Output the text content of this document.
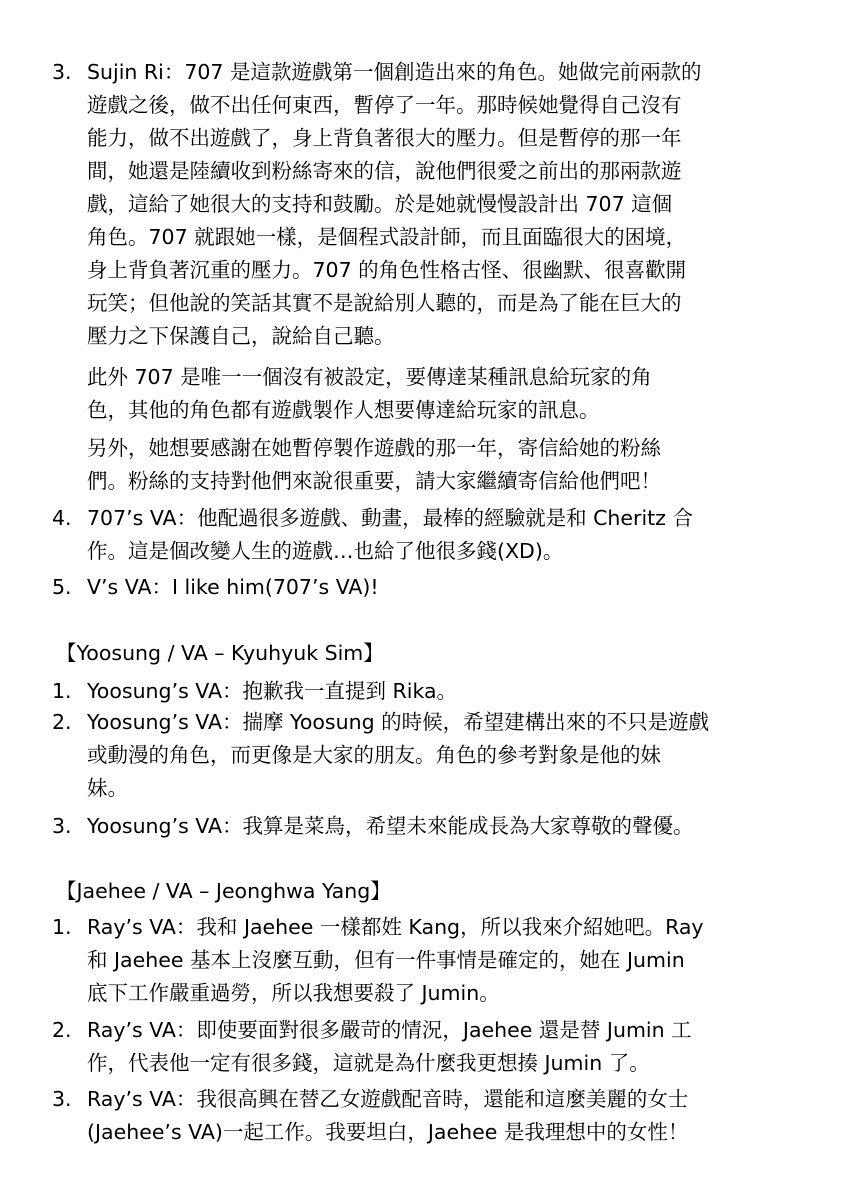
3. Sujin Ri：707 是這款遊戲第一個創造出來的角色。她做完前兩款的
遊戲之後，做不出任何東西，暫停了一年。那時候她覺得自己沒有
能力，做不出遊戲了，身上背負著很大的壓力。但是暫停的那一年
間，她還是陸續收到粉絲寄來的信，說他們很愛之前出的那兩款遊
戲，這給了她很大的支持和鼓勵。於是她就慢慢設計出 707 這個
角色。707 就跟她一樣，是個程式設計師，而且面臨很大的困境，
身上背負著沉重的壓力。707 的角色性格古怪、很幽默、很喜歡開
玩笑；但他說的笑話其實不是說給別人聽的，而是為了能在巨大的
壓力之下保護自己，說給自己聽。
此外 707 是唯一一個沒有被設定，要傳達某種訊息給玩家的角
色，其他的角色都有遊戲製作人想要傳達給玩家的訊息。
另外，她想要感謝在她暫停製作遊戲的那一年，寄信給她的粉絲
們。粉絲的支持對他們來說很重要，請大家繼續寄信給他們吧！
4. 707’s VA：他配過很多遊戲、動畫，最棒的經驗就是和 Cheritz 合
作。這是個改變人生的遊戲…也給了他很多錢(XD)。
5. V’s VA：I like him(707’s VA)!
【Yoosung / VA – Kyuhyuk Sim】
1. Yoosung’s VA：抱歉我一直提到 Rika。
2. Yoosung’s VA：揣摩 Yoosung 的時候，希望建構出來的不只是遊戲
或動漫的角色，而更像是大家的朋友。角色的參考對象是他的妹
妹。
3. Yoosung’s VA：我算是菜鳥，希望未來能成長為大家尊敬的聲優。
【Jaehee / VA – Jeonghwa Yang】
1. Ray’s VA：我和 Jaehee 一樣都姓 Kang，所以我來介紹她吧。Ray
和 Jaehee 基本上沒麼互動，但有一件事情是確定的，她在 Jumin
底下工作嚴重過勞，所以我想要殺了 Jumin。
2. Ray’s VA：即使要面對很多嚴苛的情況，Jaehee 還是替 Jumin 工
作，代表他一定有很多錢，這就是為什麼我更想揍 Jumin 了。
3. Ray’s VA：我很高興在替乙女遊戲配音時，還能和這麼美麗的女士
(Jaehee’s VA)一起工作。我要坦白，Jaehee 是我理想中的女性！
